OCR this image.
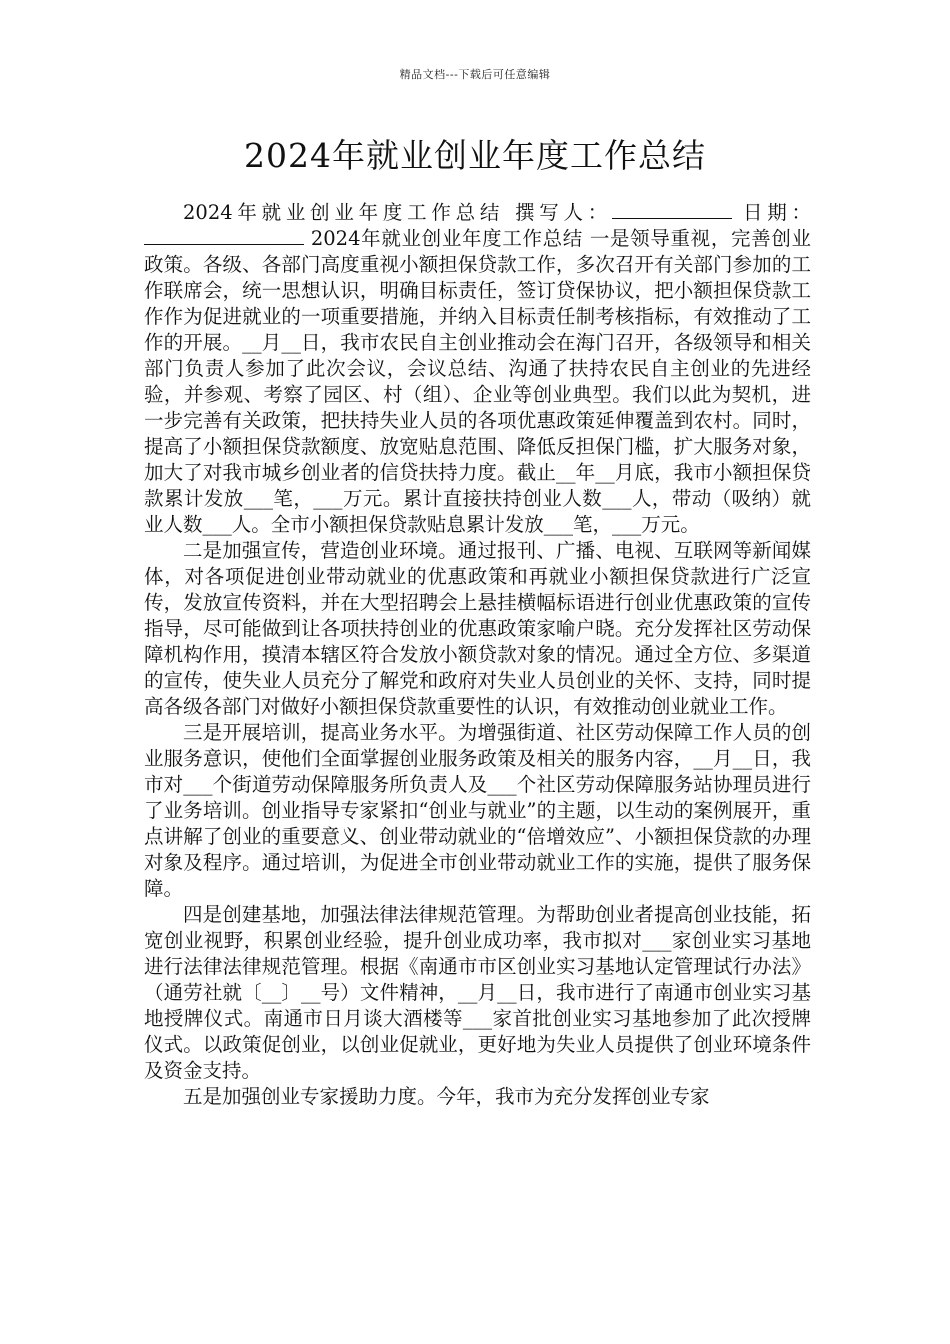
精品文档---下载后可任意编辑
2024年就业创业年度工作总结

2024年就业创业年度工作总结 撰写人：	日期： 2024年就业创业年度工作总结 一是领导重视，完善创业政策。各级、各部门高度重视小额担保贷款工作，多次召开有关部门参加的工作联席会，统一思想认识，明确目标责任，签订贷保协议，把小额担保贷款工作作为促进就业的一项重要措施，并纳入目标责任制考核指标，有效推动了工作的开展。__月__日，我市农民自主创业推动会在海门召开，各级领导和相关部门负责人参加了此次会议，会议总结、沟通了扶持农民自主创业的先进经验，并参观、考察了园区、村（组）、企业等创业典型。我们以此为契机，进一步完善有关政策，把扶持失业人员的各项优惠政策延伸覆盖到农村。同时，提高了小额担保贷款额度、放宽贴息范围、降低反担保门槛，扩大服务对象，加大了对我市城乡创业者的信贷扶持力度。截止__年__月底，我市小额担保贷款累计发放___笔，___万元。累计直接扶持创业人数___人，带动（吸纳）就业人数___人。全市小额担保贷款贴息累计发放___笔，___万元。

二是加强宣传，营造创业环境。通过报刊、广播、电视、互联网等新闻媒体，对各项促进创业带动就业的优惠政策和再就业小额担保贷款进行广泛宣传，发放宣传资料，并在大型招聘会上悬挂横幅标语进行创业优惠政策的宣传指导，尽可能做到让各项扶持创业的优惠政策家喻户晓。充分发挥社区劳动保障机构作用，摸清本辖区符合发放小额贷款对象的情况。通过全方位、多渠道的宣传，使失业人员充分了解党和政府对失业人员创业的关怀、支持，同时提高各级各部门对做好小额担保贷款重要性的认识，有效推动创业就业工作。

三是开展培训，提高业务水平。为增强街道、社区劳动保障工作人员的创业服务意识，使他们全面掌握创业服务政策及相关的服务内容，__月__日，我市对___个街道劳动保障服务所负责人及___个社区劳动保障服务站协理员进行了业务培训。创业指导专家紧扣“创业与就业”的主题，以生动的案例展开，重点讲解了创业的重要意义、创业带动就业的“倍增效应”、小额担保贷款的办理对象及程序。通过培训，为促进全市创业带动就业工作的实施，提供了服务保障。

四是创建基地，加强法律法律规范管理。为帮助创业者提高创业技能，拓宽创业视野，积累创业经验，提升创业成功率，我市拟对___家创业实习基地进行法律法律规范管理。根据《南通市市区创业实习基地认定管理试行办法》（通劳社就〔__〕__号）文件精神，__月__日，我市进行了南通市创业实习基地授牌仪式。南通市日月谈大酒楼等___家首批创业实习基地参加了此次授牌仪式。以政策促创业，以创业促就业，更好地为失业人员提供了创业环境条件及资金支持。

五是加强创业专家援助力度。今年，我市为充分发挥创业专家
